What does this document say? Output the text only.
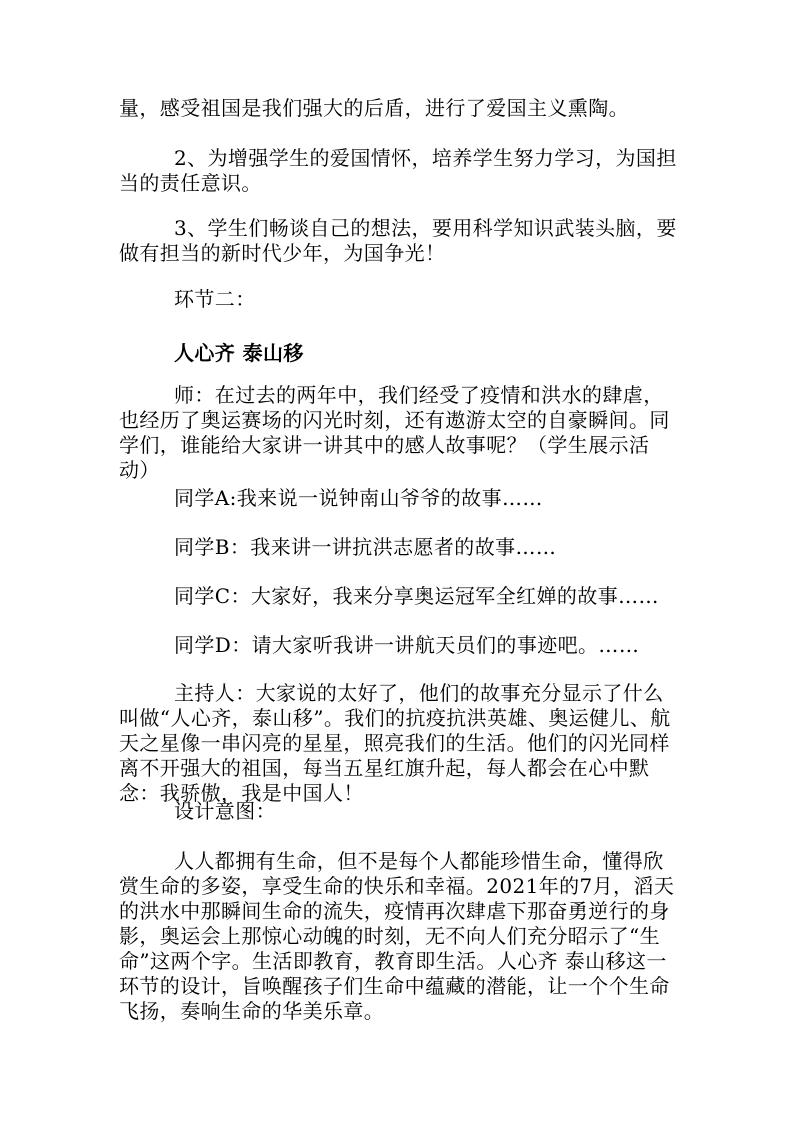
量，感受祖国是我们强大的后盾，进行了爱国主义熏陶。

2、为增强学生的爱国情怀，培养学生努力学习，为国担当的责任意识。

3、学生们畅谈自己的想法，要用科学知识武装头脑，要做有担当的新时代少年，为国争光！

环节二：

人心齐 泰山移

师：在过去的两年中，我们经受了疫情和洪水的肆虐，也经历了奥运赛场的闪光时刻，还有遨游太空的自豪瞬间。同学们，谁能给大家讲一讲其中的感人故事呢？（学生展示活动）

同学A:我来说一说钟南山爷爷的故事……

同学B：我来讲一讲抗洪志愿者的故事……

同学C：大家好，我来分享奥运冠军全红婵的故事……

同学D：请大家听我讲一讲航天员们的事迹吧。……

主持人：大家说的太好了，他们的故事充分显示了什么叫做“人心齐，泰山移”。我们的抗疫抗洪英雄、奥运健儿、航天之星像一串闪亮的星星，照亮我们的生活。他们的闪光同样离不开强大的祖国，每当五星红旗升起，每人都会在心中默念：我骄傲，我是中国人！

设计意图：

人人都拥有生命，但不是每个人都能珍惜生命，懂得欣赏生命的多姿，享受生命的快乐和幸福。2021年的7月，滔天的洪水中那瞬间生命的流失，疫情再次肆虐下那奋勇逆行的身影，奥运会上那惊心动魄的时刻，无不向人们充分昭示了“生命”这两个字。生活即教育，教育即生活。人心齐 泰山移这一环节的设计，旨唤醒孩子们生命中蕴藏的潜能，让一个个生命飞扬，奏响生命的华美乐章。
